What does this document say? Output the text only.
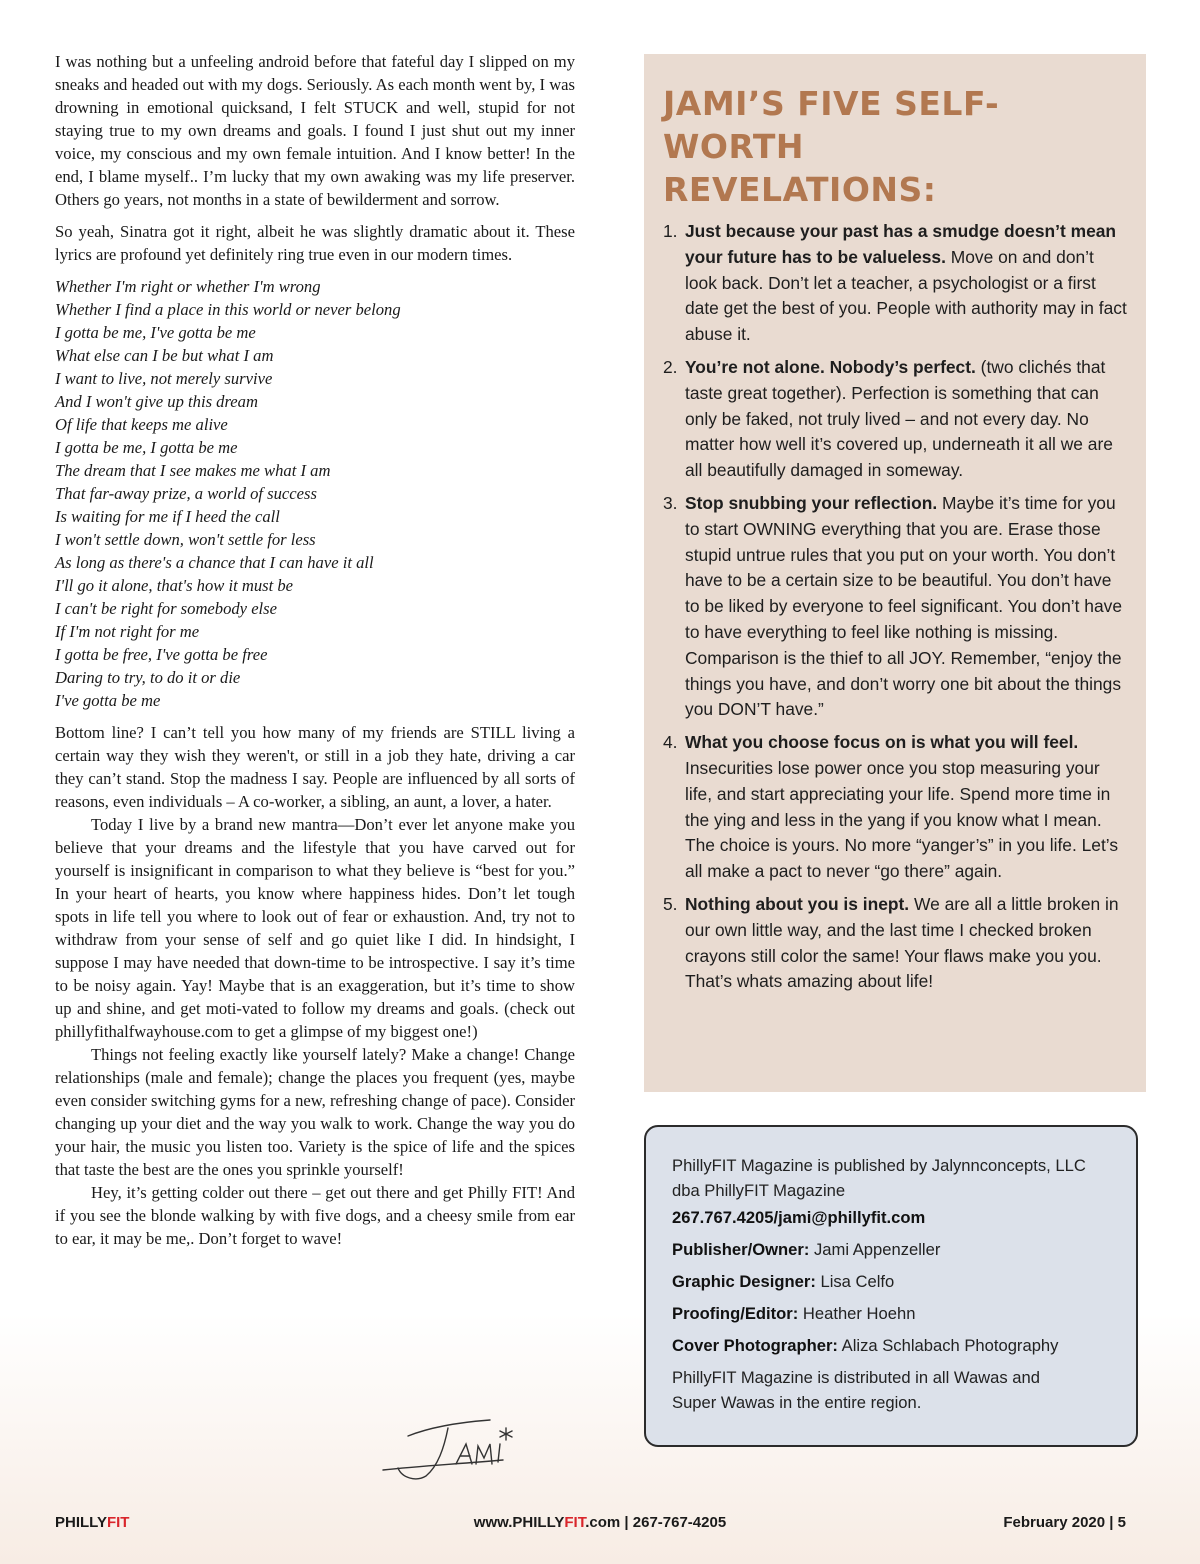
I was nothing but a unfeeling android before that fateful day I slipped on my sneaks and headed out with my dogs. Seriously. As each month went by, I was drowning in emotional quicksand, I felt STUCK and well, stupid for not staying true to my own dreams and goals. I found I just shut out my inner voice, my conscious and my own female intuition. And I know better! In the end, I blame myself.. I’m lucky that my own awaking was my life preserver. Others go years, not months in a state of bewilderment and sorrow.

So yeah, Sinatra got it right, albeit he was slightly dramatic about it. These lyrics are profound yet definitely ring true even in our modern times.

Whether I'm right or whether I'm wrong
Whether I find a place in this world or never belong
I gotta be me, I've gotta be me
What else can I be but what I am
I want to live, not merely survive
And I won't give up this dream
Of life that keeps me alive
I gotta be me, I gotta be me
The dream that I see makes me what I am
That far-away prize, a world of success
Is waiting for me if I heed the call
I won't settle down, won't settle for less
As long as there's a chance that I can have it all
I'll go it alone, that's how it must be
I can't be right for somebody else
If I'm not right for me
I gotta be free, I've gotta be free
Daring to try, to do it or die
I've gotta be me

Bottom line? I can’t tell you how many of my friends are STILL living a certain way they wish they weren't, or still in a job they hate, driving a car they can’t stand. Stop the madness I say. People are influenced by all sorts of reasons, even individuals – A co-worker, a sibling, an aunt, a lover, a hater.

Today I live by a brand new mantra—Don’t ever let anyone make you believe that your dreams and the lifestyle that you have carved out for yourself is insignificant in comparison to what they believe is “best for you.” In your heart of hearts, you know where happiness hides. Don’t let tough spots in life tell you where to look out of fear or exhaustion. And, try not to withdraw from your sense of self and go quiet like I did. In hindsight, I suppose I may have needed that down-time to be introspective. I say it’s time to be noisy again. Yay! Maybe that is an exaggeration, but it’s time to show up and shine, and get moti-vated to follow my dreams and goals. (check out phillyfithalfwayhouse.com to get a glimpse of my biggest one!)

Things not feeling exactly like yourself lately? Make a change! Change relationships (male and female); change the places you frequent (yes, maybe even consider switching gyms for a new, refreshing change of pace). Consider changing up your diet and the way you walk to work. Change the way you do your hair, the music you listen too. Variety is the spice of life and the spices that taste the best are the ones you sprinkle yourself!

Hey, it’s getting colder out there – get out there and get Philly FIT! And if you see the blonde walking by with five dogs, and a cheesy smile from ear to ear, it may be me,. Don’t forget to wave!

JAMI’S FIVE SELF-WORTH
REVELATIONS:
1. Just because your past has a smudge doesn’t mean your future has to be valueless. Move on and don’t look back. Don’t let a teacher, a psychologist or a first date get the best of you. People with authority may in fact abuse it.
2. You’re not alone. Nobody’s perfect. (two clichés that taste great together). Perfection is something that can only be faked, not truly lived – and not every day. No matter how well it’s covered up, underneath it all we are all beautifully damaged in someway.
3. Stop snubbing your reflection. Maybe it’s time for you to start OWNING everything that you are. Erase those stupid untrue rules that you put on your worth. You don’t have to be a certain size to be beautiful. You don’t have to be liked by everyone to feel significant. You don’t have to have everything to feel like nothing is missing. Comparison is the thief to all JOY. Remember, “enjoy the things you have, and don’t worry one bit about the things you DON’T have.”
4. What you choose focus on is what you will feel. Insecurities lose power once you stop measuring your life, and start appreciating your life. Spend more time in the ying and less in the yang if you know what I mean. The choice is yours. No more “yanger’s” in you life. Let’s all make a pact to never “go there” again.
5. Nothing about you is inept. We are all a little broken in our own little way, and the last time I checked broken crayons still color the same! Your flaws make you you. That’s whats amazing about life!

PhillyFIT Magazine is published by Jalynnconcepts, LLC
dba PhillyFIT Magazine

267.767.4205/jami@phillyfit.com

Publisher/Owner: Jami Appenzeller

Graphic Designer: Lisa Celfo

Proofing/Editor: Heather Hoehn

Cover Photographer: Aliza Schlabach Photography

PhillyFIT Magazine is distributed in all Wawas and
Super Wawas in the entire region.

PHILLYFIT	www.PHILLYFIT.com | 267-767-4205	February 2020 | 5
